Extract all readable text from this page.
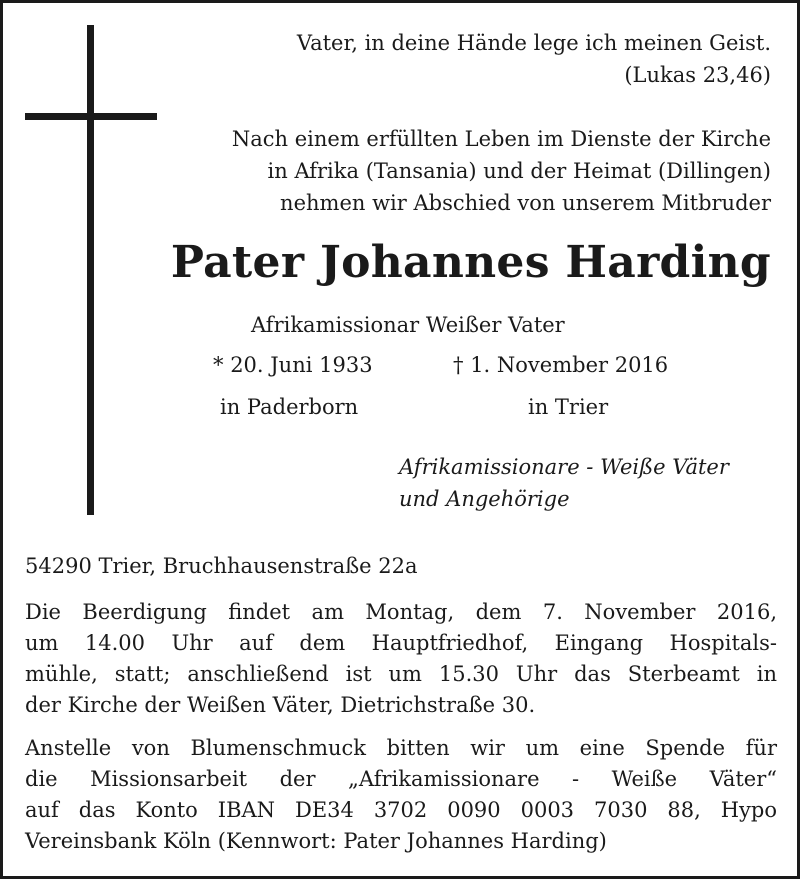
Vater, in deine Hände lege ich meinen Geist.
(Lukas 23,46)
Nach einem erfüllten Leben im Dienste der Kirche
in Afrika (Tansania) und der Heimat (Dillingen)
nehmen wir Abschied von unserem Mitbruder
Pater Johannes Harding
Afrikamissionar Weißer Vater
* 20. Juni 1933	† 1. November 2016
in Paderborn	in Trier
Afrikamissionare - Weiße Väter
und Angehörige
54290 Trier, Bruchhausenstraße 22a
Die Beerdigung findet am Montag, dem 7. November 2016,
um 14.00 Uhr auf dem Hauptfriedhof, Eingang Hospitals-
mühle, statt; anschließend ist um 15.30 Uhr das Sterbeamt in
der Kirche der Weißen Väter, Dietrichstraße 30.
Anstelle von Blumenschmuck bitten wir um eine Spende für
die Missionsarbeit der „Afrikamissionare - Weiße Väter“
auf das Konto IBAN DE34 3702 0090 0003 7030 88, Hypo
Vereinsbank Köln (Kennwort: Pater Johannes Harding)
